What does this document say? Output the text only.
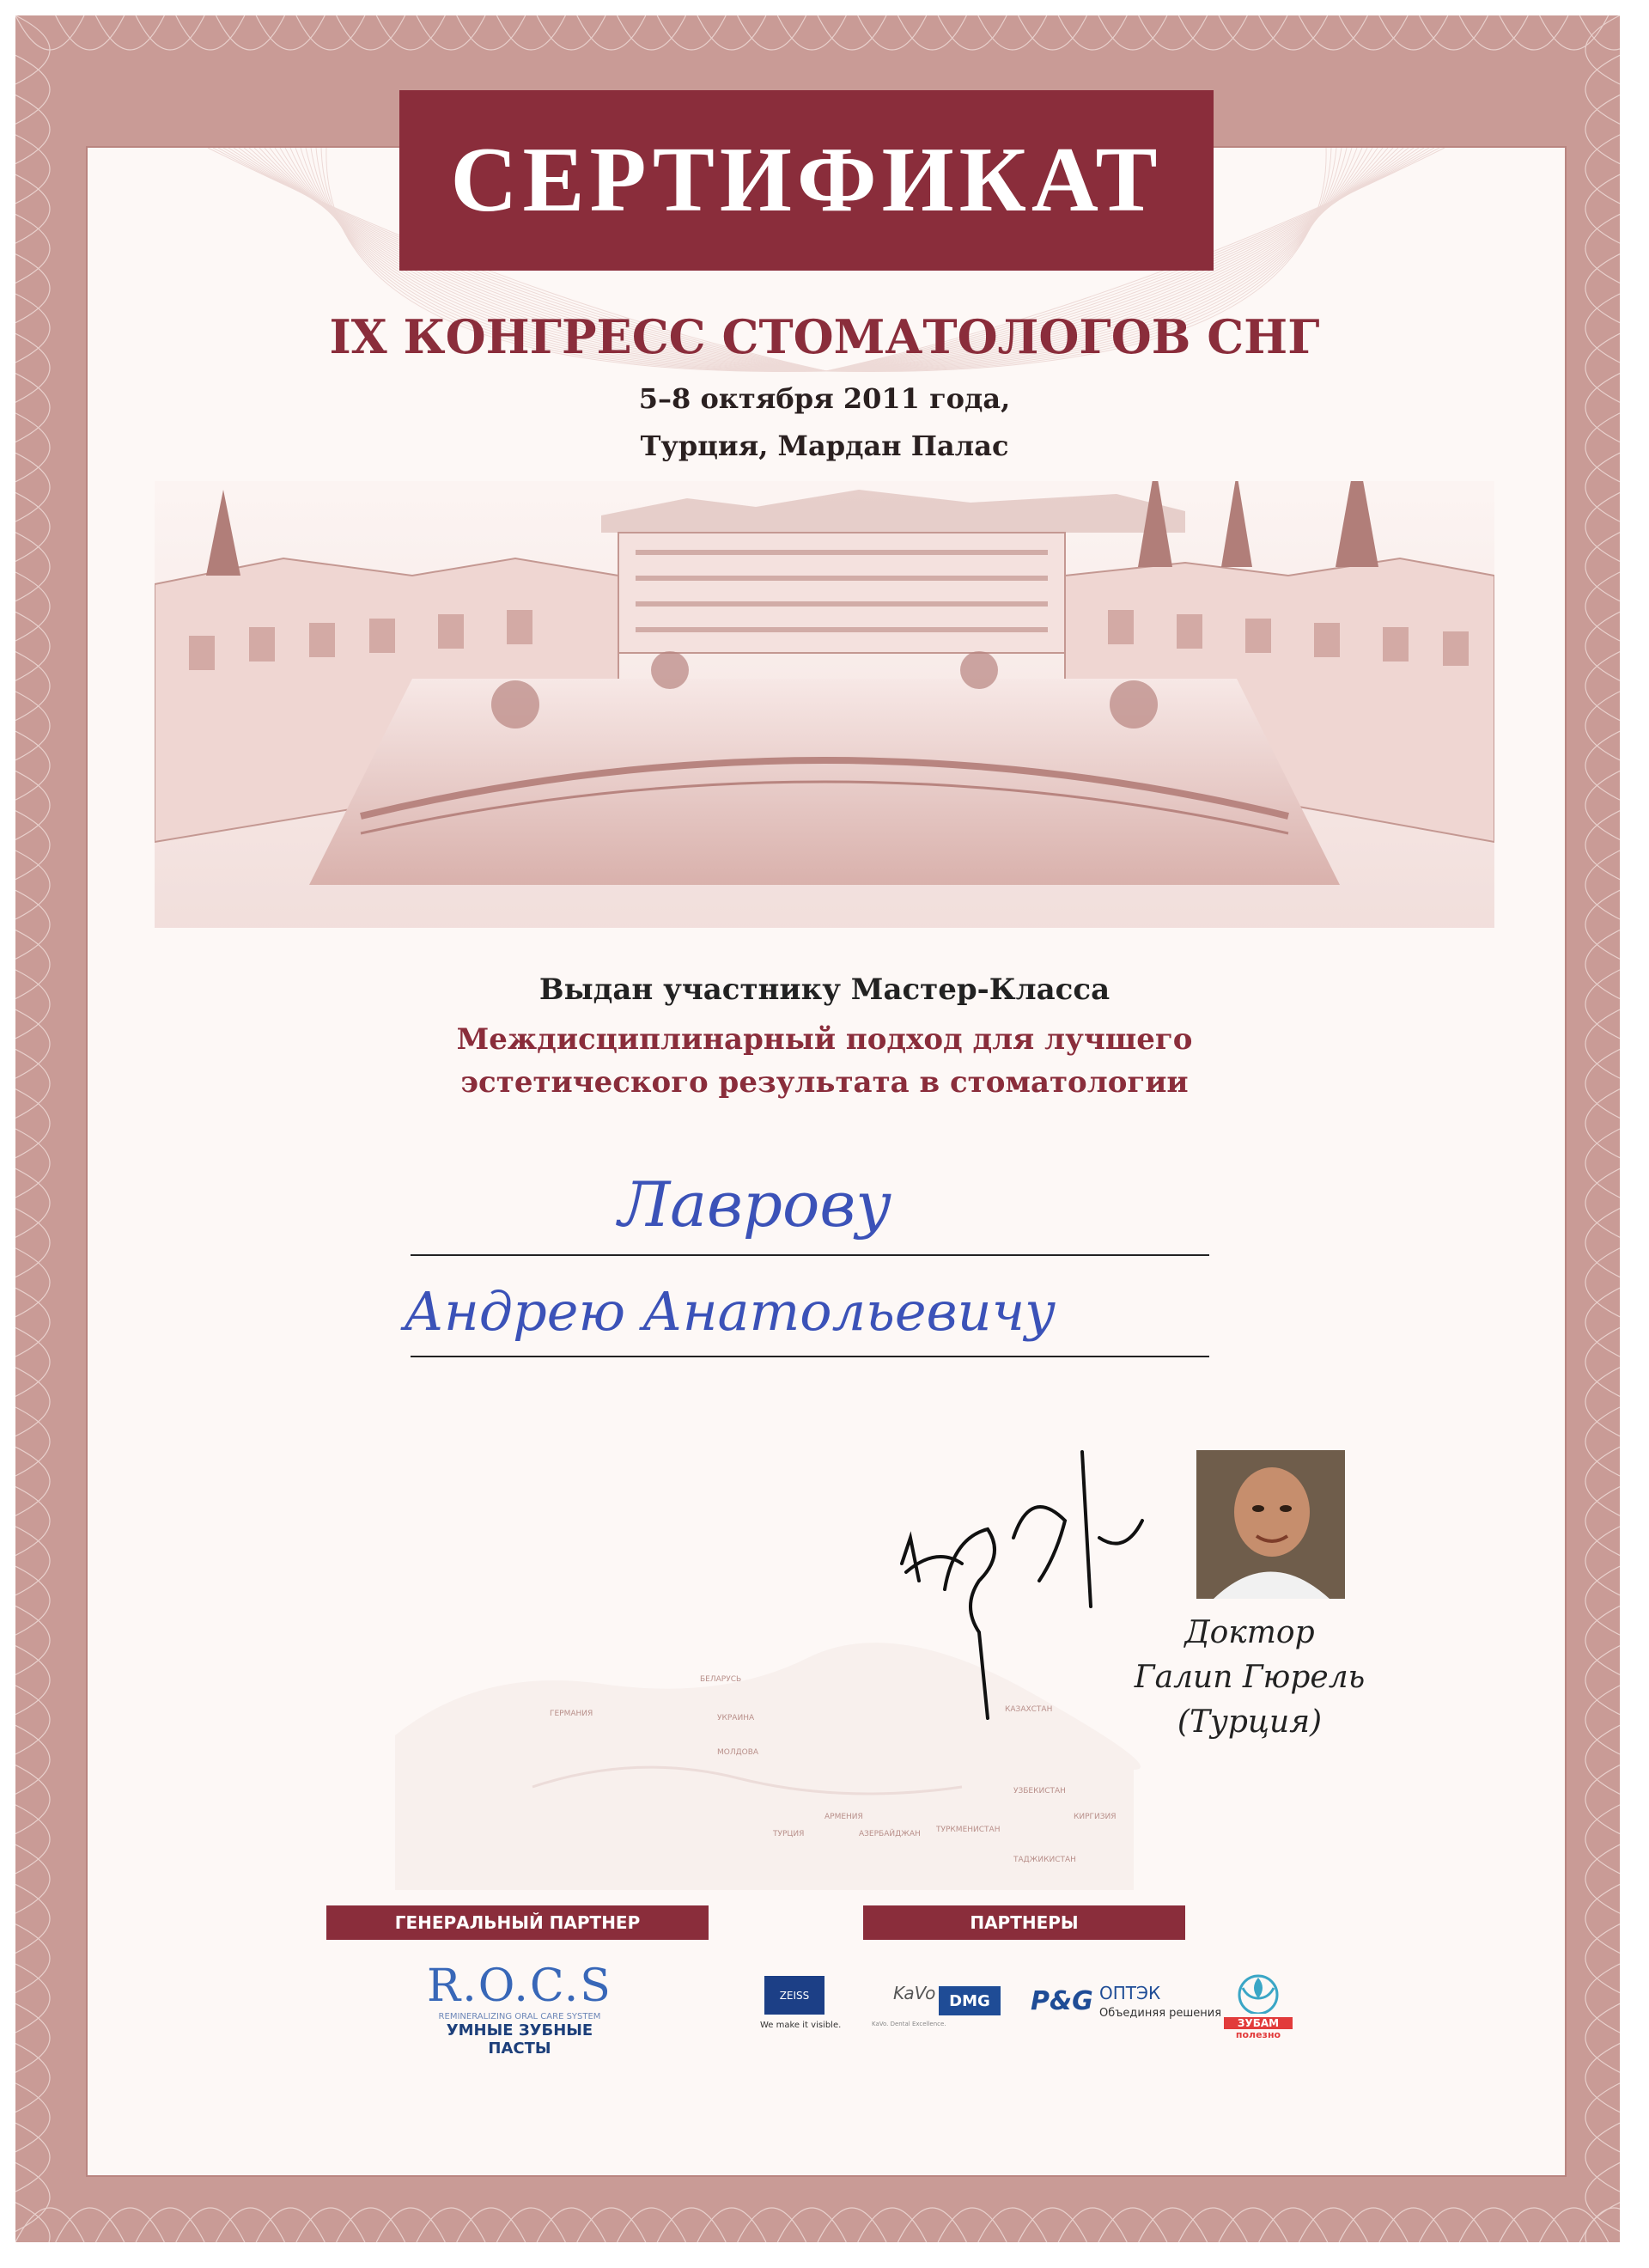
СЕРТИФИКАТ
IX КОНГРЕСС СТОМАТОЛОГОВ СНГ
5–8 октября 2011 года,
Турция, Мардан Палас
Выдан участнику Мастер-Класса
Междисциплинарный подход для лучшего
эстетического результата в стоматологии
Лаврову
Андрею Анатольевичу
БЕЛАРУСЬ
ГЕРМАНИЯ	УКРАИНА
МОЛДОВА
КАЗАХСТАН
УЗБЕКИСТАН
КИРГИЗИЯ
АРМЕНИЯ
АЗЕРБАЙДЖАН ТУРКМЕНИСТАН
ТАДЖИКИСТАН
ТУРЦИЯ
Доктор
Галип Гюрель
(Турция)
ГЕНЕРАЛЬНЫЙ ПАРТНЕР	ПАРТНЕРЫ
R.O.C.S
REMINERALIZING ORAL CARE SYSTEM
УМНЫЕ ЗУБНЫЕ ПАСТЫ
ZEISS
We make it visible.
KaVo
KaVo. Dental Excellence.
DMG P&G ОПТЭК
Объединяя решения
ЗУБАМ
полезно
